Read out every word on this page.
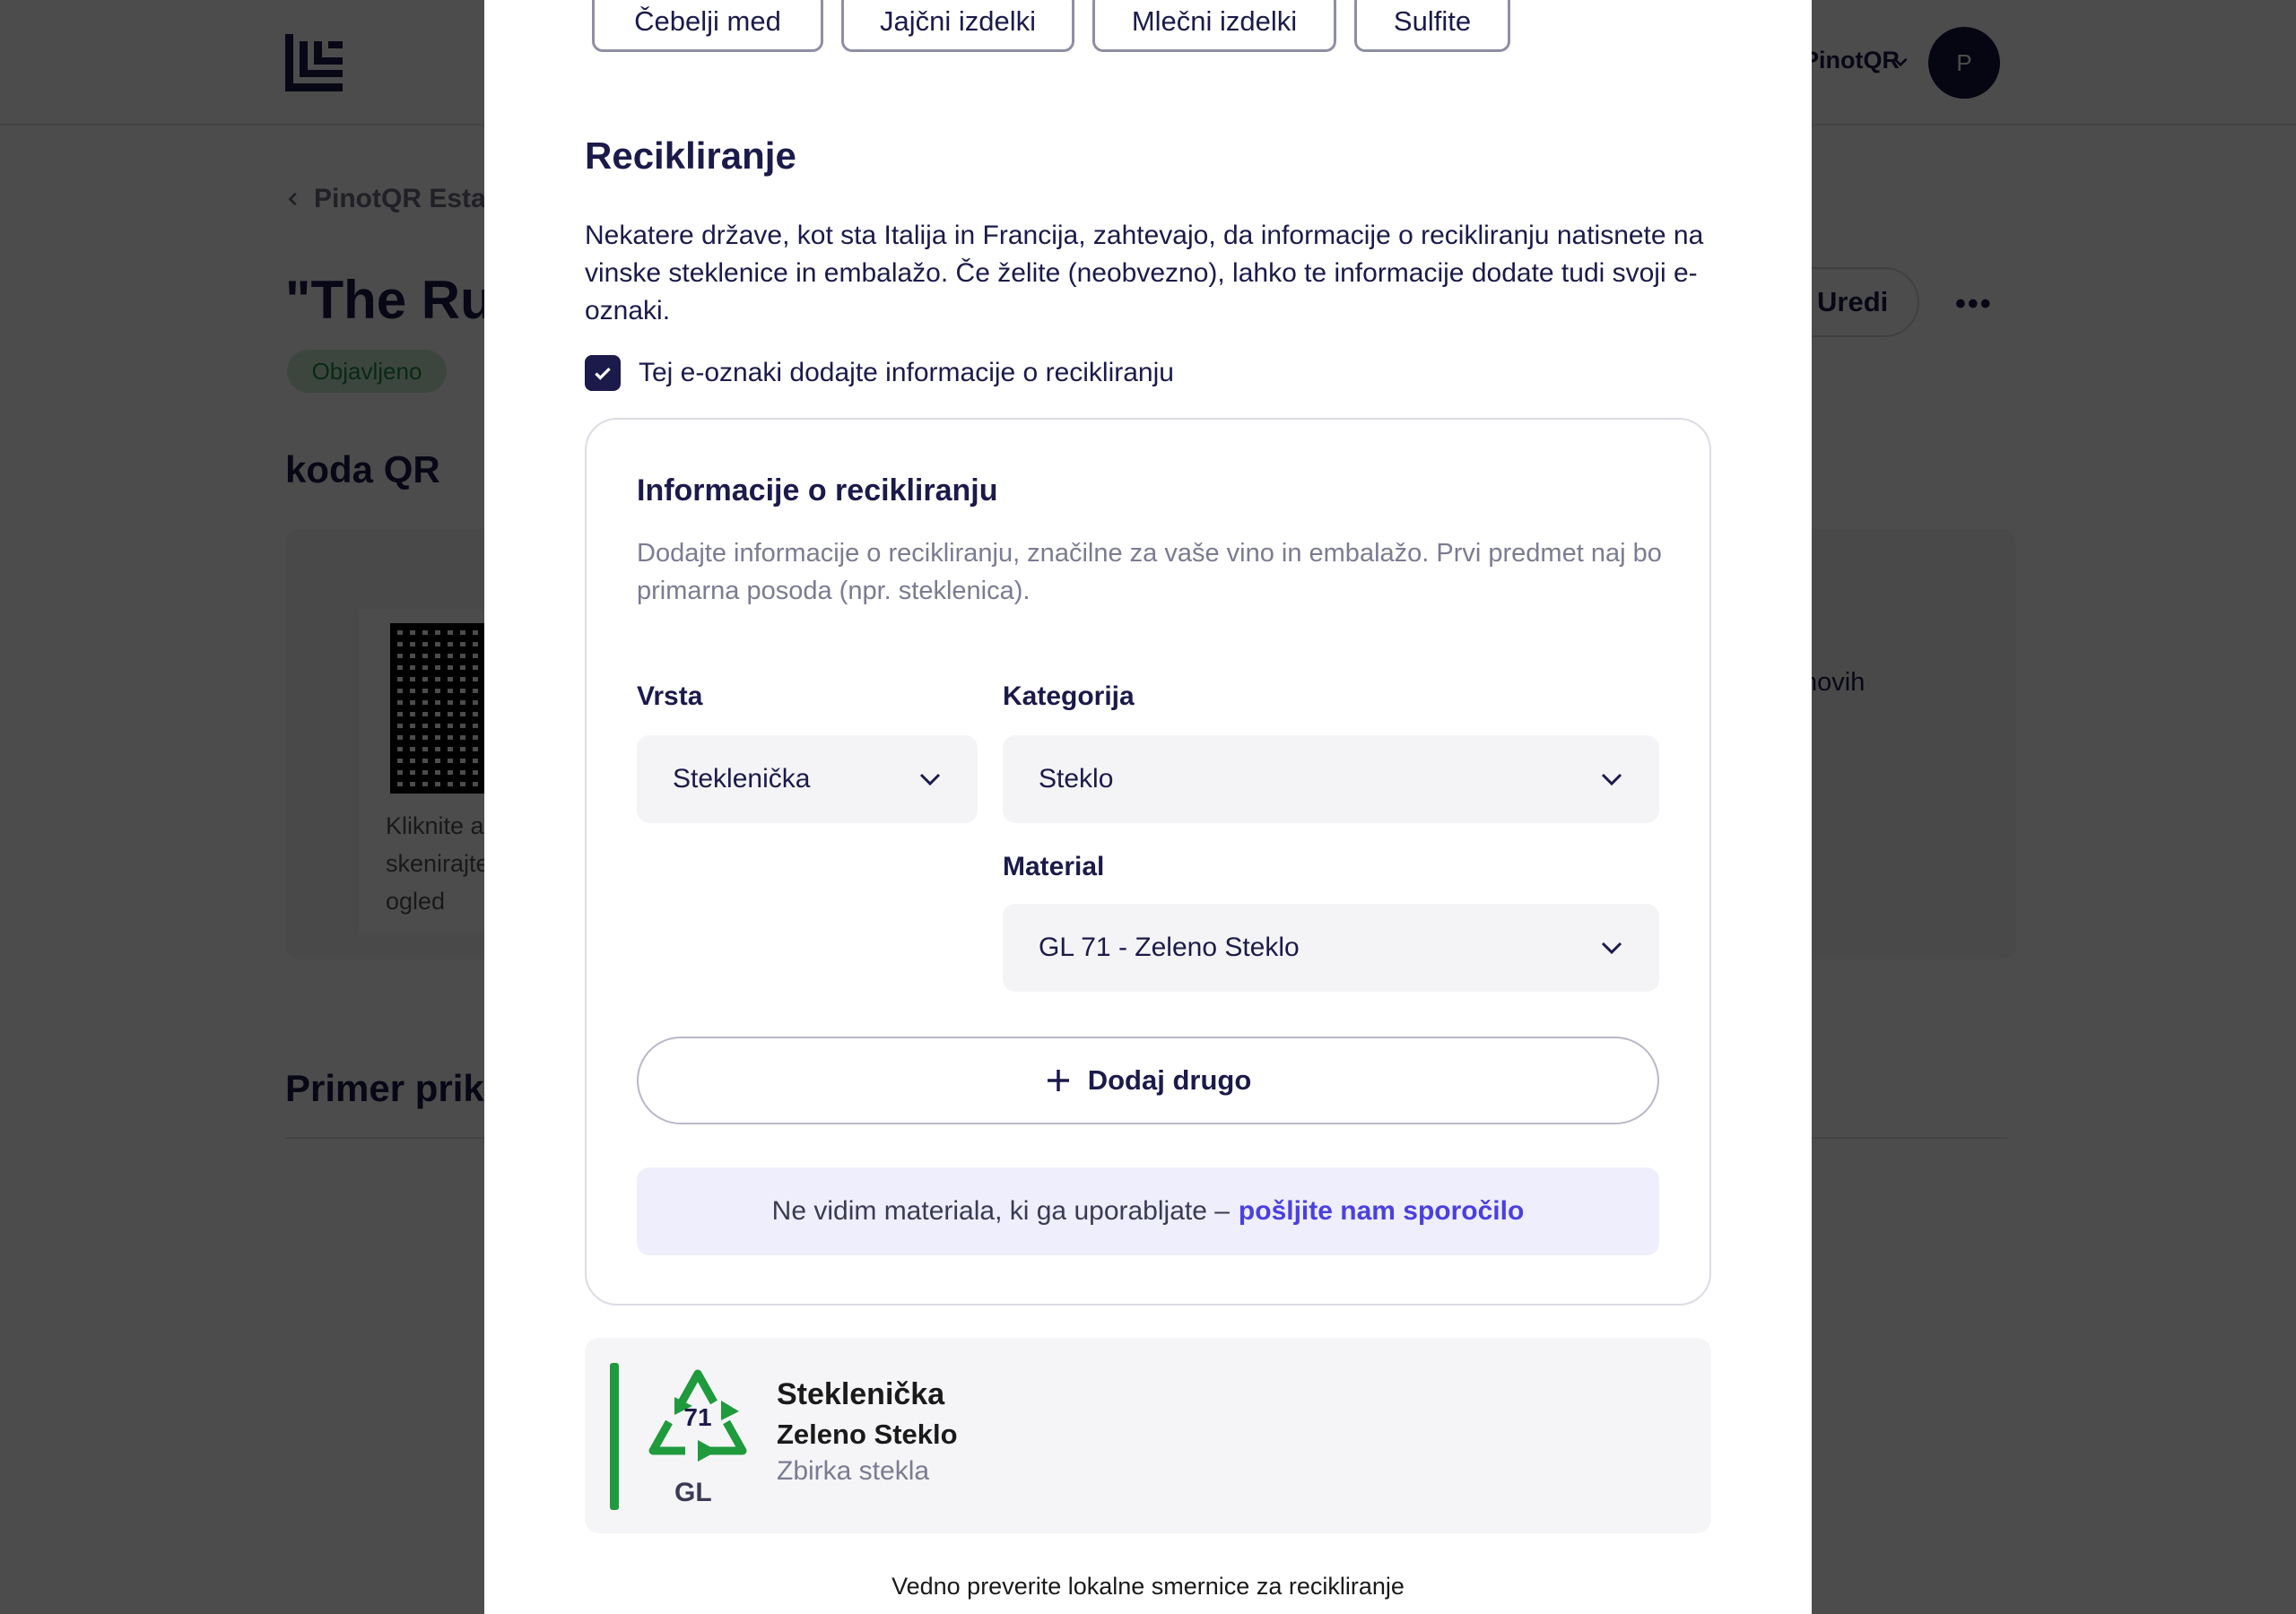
Čebelji med	Jajčni izdelki	Mlečni izdelki	Sulfite
Recikliranje
Nekatere države, kot sta Italija in Francija, zahtevajo, da informacije o recikliranju natisnete na vinske steklenice in embalažo. Če želite (neobvezno), lahko te informacije dodate tudi svoji e-oznaki.
Tej e-oznaki dodajte informacije o recikliranju
Informacije o recikliranju
Dodajte informacije o recikliranju, značilne za vaše vino in embalažo. Prvi predmet naj bo primarna posoda (npr. steklenica).
Vrsta
Steklenička
Kategorija
Steklo
Material
GL 71 - Zeleno Steklo
Dodaj drugo
Ne vidim materiala, ki ga uporabljate – pošljite nam sporočilo
71
GL
Steklenička
Zeleno Steklo
Zbirka stekla
Vedno preverite lokalne smernice za recikliranje
